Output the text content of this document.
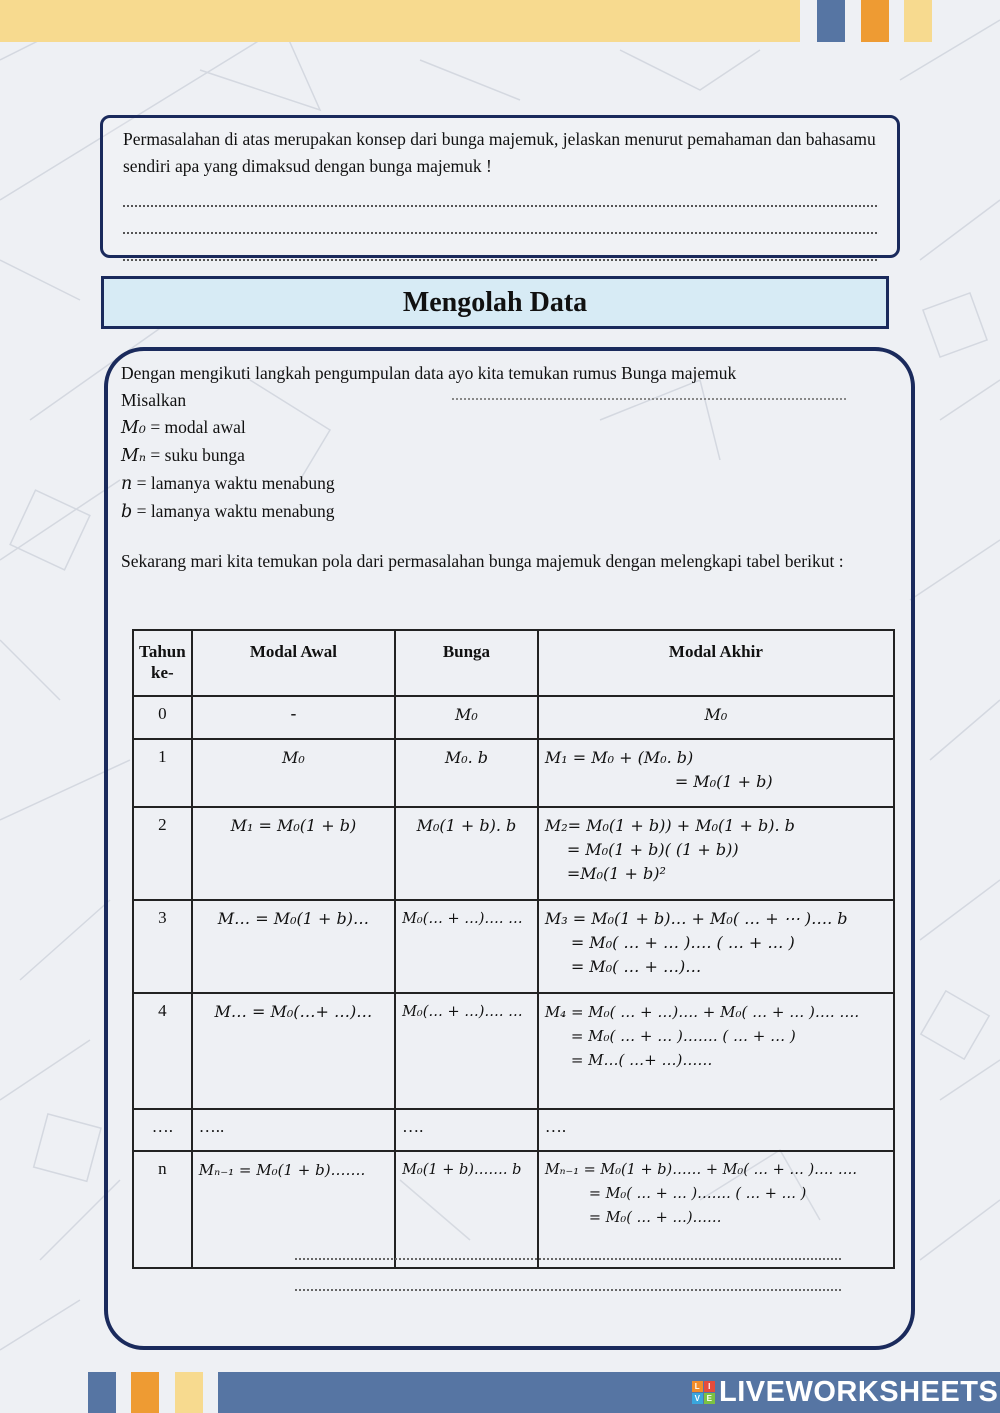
Permasalahan di atas merupakan konsep dari bunga majemuk, jelaskan menurut pemahaman dan bahasamu sendiri apa yang dimaksud dengan bunga majemuk !

Mengolah Data
Dengan mengikuti langkah pengumpulan data ayo kita temukan rumus Bunga majemuk
Misalkan
M₀ = modal awal
Mₙ = suku bunga
n = lamanya waktu menabung
b = lamanya waktu menabung
Sekarang mari kita temukan pola dari permasalahan bunga majemuk dengan melengkapi tabel berikut :
Tahun ke-	Modal Awal	Bunga	Modal Akhir
0	-	M₀	M₀
1	M₀	M₀. b	M₁ = M₀ + (M₀. b)
= M₀(1 + b)

2	M₁ = M₀(1 + b)	M₀(1 + b). b	M₂= M₀(1 + b)) + M₀(1 + b). b
= M₀(1 + b)( (1 + b))
=M₀(1 + b)²

3	M… = M₀(1 + b)…	M₀(… + …)…. …	M₃ = M₀(1 + b)… + M₀( … + ⋯ )…. b
= M₀( … + … )…. ( … + … )
= M₀( … + …)…

4	M… = M₀(…+ …)…	M₀(… + …)…. …	M₄ = M₀( … + …)…. + M₀( … + … )…. ….
= M₀( … + … )……. ( … + … )
= M…( …+ …)……

….	…..	….	….
n	Mₙ₋₁ = M₀(1 + b)…….	M₀(1 + b)……. b	Mₙ₋₁ = M₀(1 + b)…… + M₀( … + … )…. ….
= M₀( … + … )……. ( … + … )
= M₀( … + …)……
L I
V E LIVEWORKSHEETS
